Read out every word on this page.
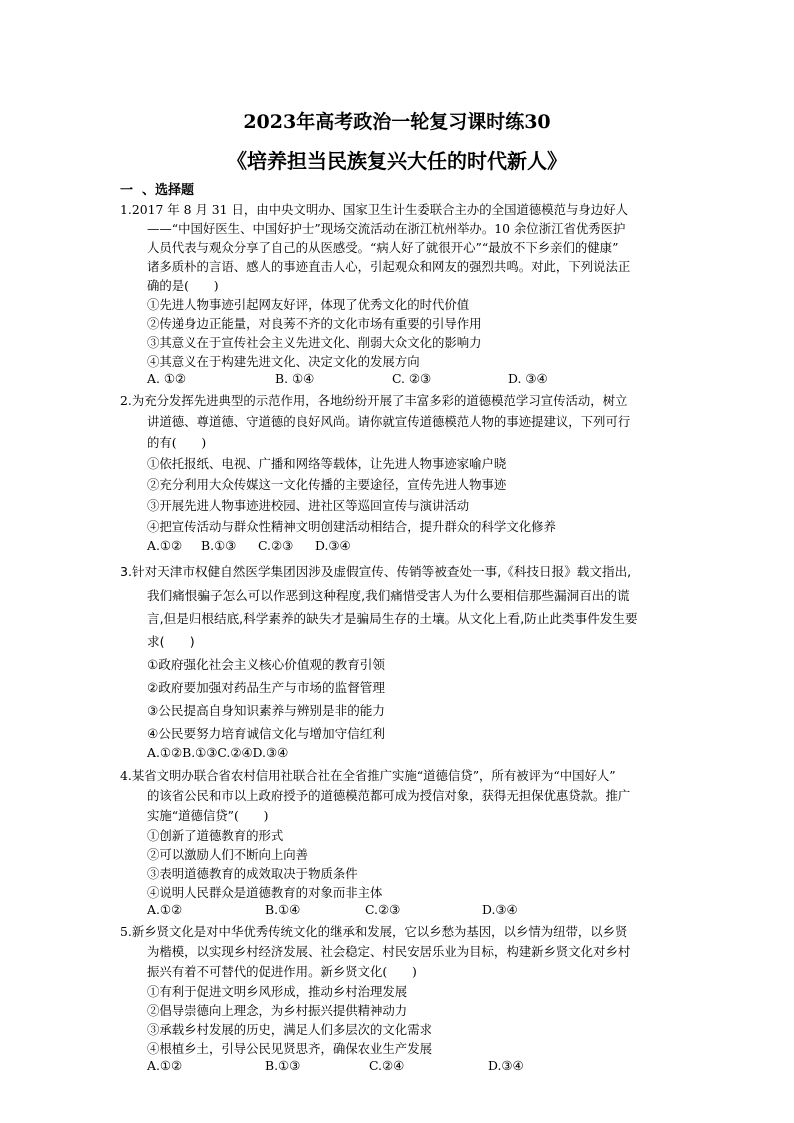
2023年高考政治一轮复习课时练30
《培养担当民族复兴大任的时代新人》
一  、选择题
1.2017 年 8 月 31 日，由中央文明办、国家卫生计生委联合主办的全国道德模范与身边好人
——“中国好医生、中国好护士”现场交流活动在浙江杭州举办。10 余位浙江省优秀医护
人员代表与观众分享了自己的从医感受。“病人好了就很开心”“最放不下乡亲们的健康”
诸多质朴的言语、感人的事迹直击人心，引起观众和网友的强烈共鸣。对此，下列说法正
确的是(　　)
①先进人物事迹引起网友好评，体现了优秀文化的时代价值
②传递身边正能量，对良莠不齐的文化市场有重要的引导作用
③其意义在于宣传社会主义先进文化、削弱大众文化的影响力
④其意义在于构建先进文化、决定文化的发展方向
A. ①②	B. ①④	C. ②③	D. ③④
2.为充分发挥先进典型的示范作用，各地纷纷开展了丰富多彩的道德模范学习宣传活动，树立
讲道德、尊道德、守道德的良好风尚。请你就宣传道德模范人物的事迹提建议，下列可行
的有(　　)
①依托报纸、电视、广播和网络等载体，让先进人物事迹家喻户晓
②充分利用大众传媒这一文化传播的主要途径，宣传先进人物事迹
③开展先进人物事迹进校园、进社区等巡回宣传与演讲活动
④把宣传活动与群众性精神文明创建活动相结合，提升群众的科学文化修养
A.①② B.①③ C.②③ D.③④
3.针对天津市权健自然医学集团因涉及虚假宣传、传销等被查处一事,《科技日报》载文指出,
我们痛恨骗子怎么可以作恶到这种程度,我们痛惜受害人为什么要相信那些漏洞百出的谎
言,但是归根结底,科学素养的缺失才是骗局生存的土壤。从文化上看,防止此类事件发生要
求(　　)
①政府强化社会主义核心价值观的教育引领
②政府要加强对药品生产与市场的监督管理
③公民提高自身知识素养与辨别是非的能力
④公民要努力培育诚信文化与增加守信红利
A.①②B.①③C.②④D.③④
4.某省文明办联合省农村信用社联合社在全省推广实施“道德信贷”，所有被评为“中国好人”
的该省公民和市以上政府授予的道德模范都可成为授信对象，获得无担保优惠贷款。推广
实施“道德信贷”(　　)
①创新了道德教育的形式
②可以激励人们不断向上向善
③表明道德教育的成效取决于物质条件
④说明人民群众是道德教育的对象而非主体
A.①②	B.①④	C.②③	D.③④
5.新乡贤文化是对中华优秀传统文化的继承和发展，它以乡愁为基因，以乡情为纽带，以乡贤
为楷模，以实现乡村经济发展、社会稳定、村民安居乐业为目标，构建新乡贤文化对乡村
振兴有着不可替代的促进作用。新乡贤文化(　　)
①有利于促进文明乡风形成，推动乡村治理发展
②倡导崇德向上理念，为乡村振兴提供精神动力
③承载乡村发展的历史，满足人们多层次的文化需求
④根植乡土，引导公民见贤思齐，确保农业生产发展
A.①②	B.①③	C.②④	D.③④
